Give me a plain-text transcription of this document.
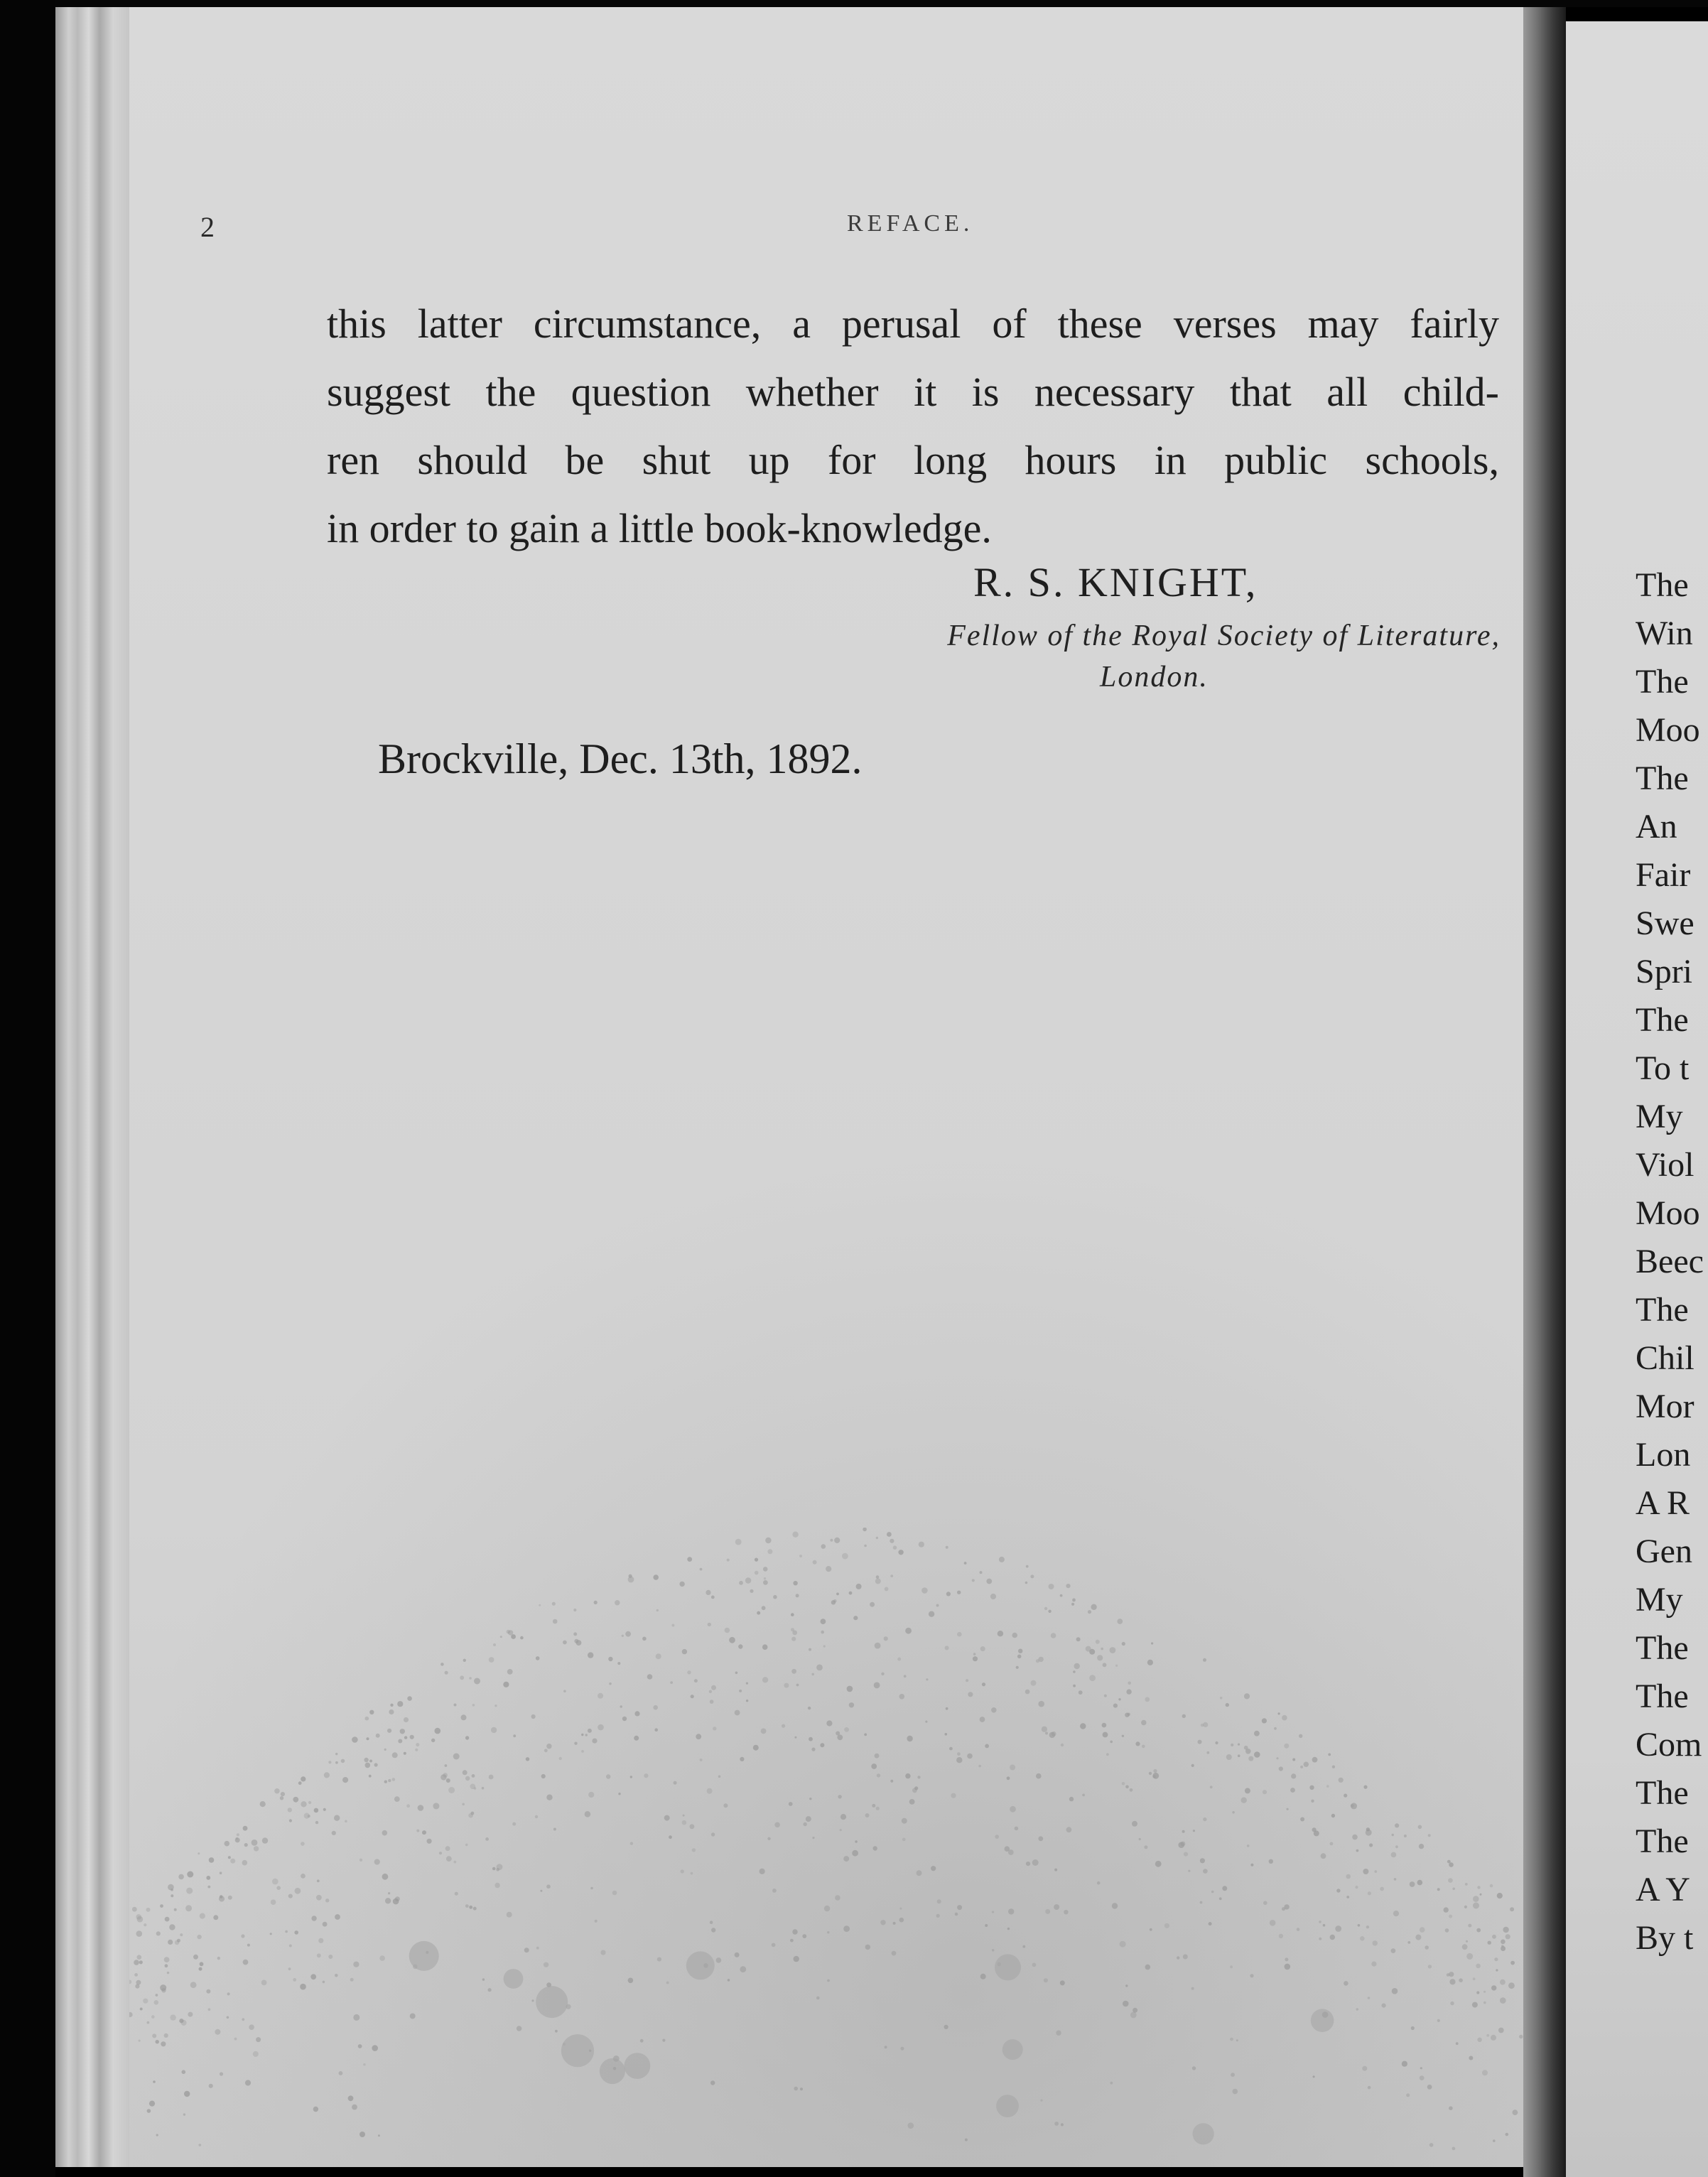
2	REFACE.
this latter circumstance, a perusal of these verses may fairly
suggest the question whether it is necessary that all child-
ren should be shut up for long hours in public schools,
in order to gain a little book-knowledge.
R. S. KNIGHT,
Fellow of the Royal Society of Literature,
London.
Brockville, Dec. 13th, 1892.
The
Win
The
Moo
The
An
Fair
Swe
Spri
The
To t
My
Viol
Moo
Beec
The
Chil
Mor
Lon
A R
Gen
My
The
The
Com
The
The
A Y
By t
